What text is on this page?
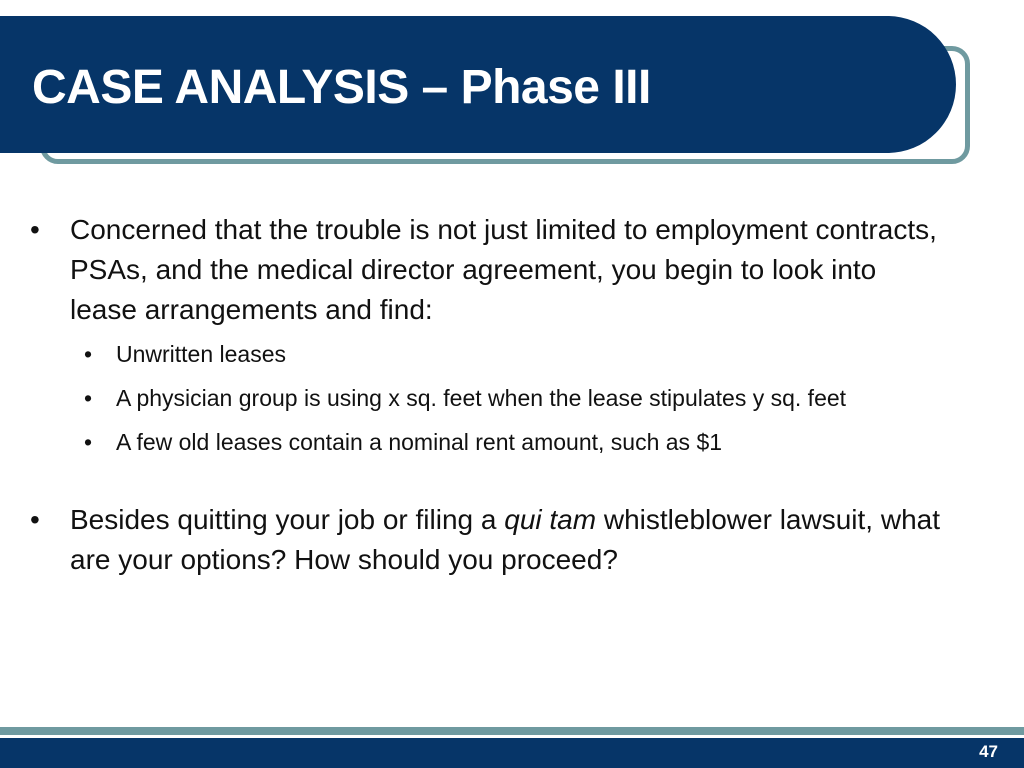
CASE ANALYSIS – Phase III
• Concerned that the trouble is not just limited to employment contracts, PSAs, and the medical director agreement, you begin to look into lease arrangements and find:
• Unwritten leases
• A physician group is using x sq. feet when the lease stipulates y sq. feet
• A few old leases contain a nominal rent amount, such as $1
• Besides quitting your job or filing a qui tam whistleblower lawsuit, what are your options? How should you proceed?
47
